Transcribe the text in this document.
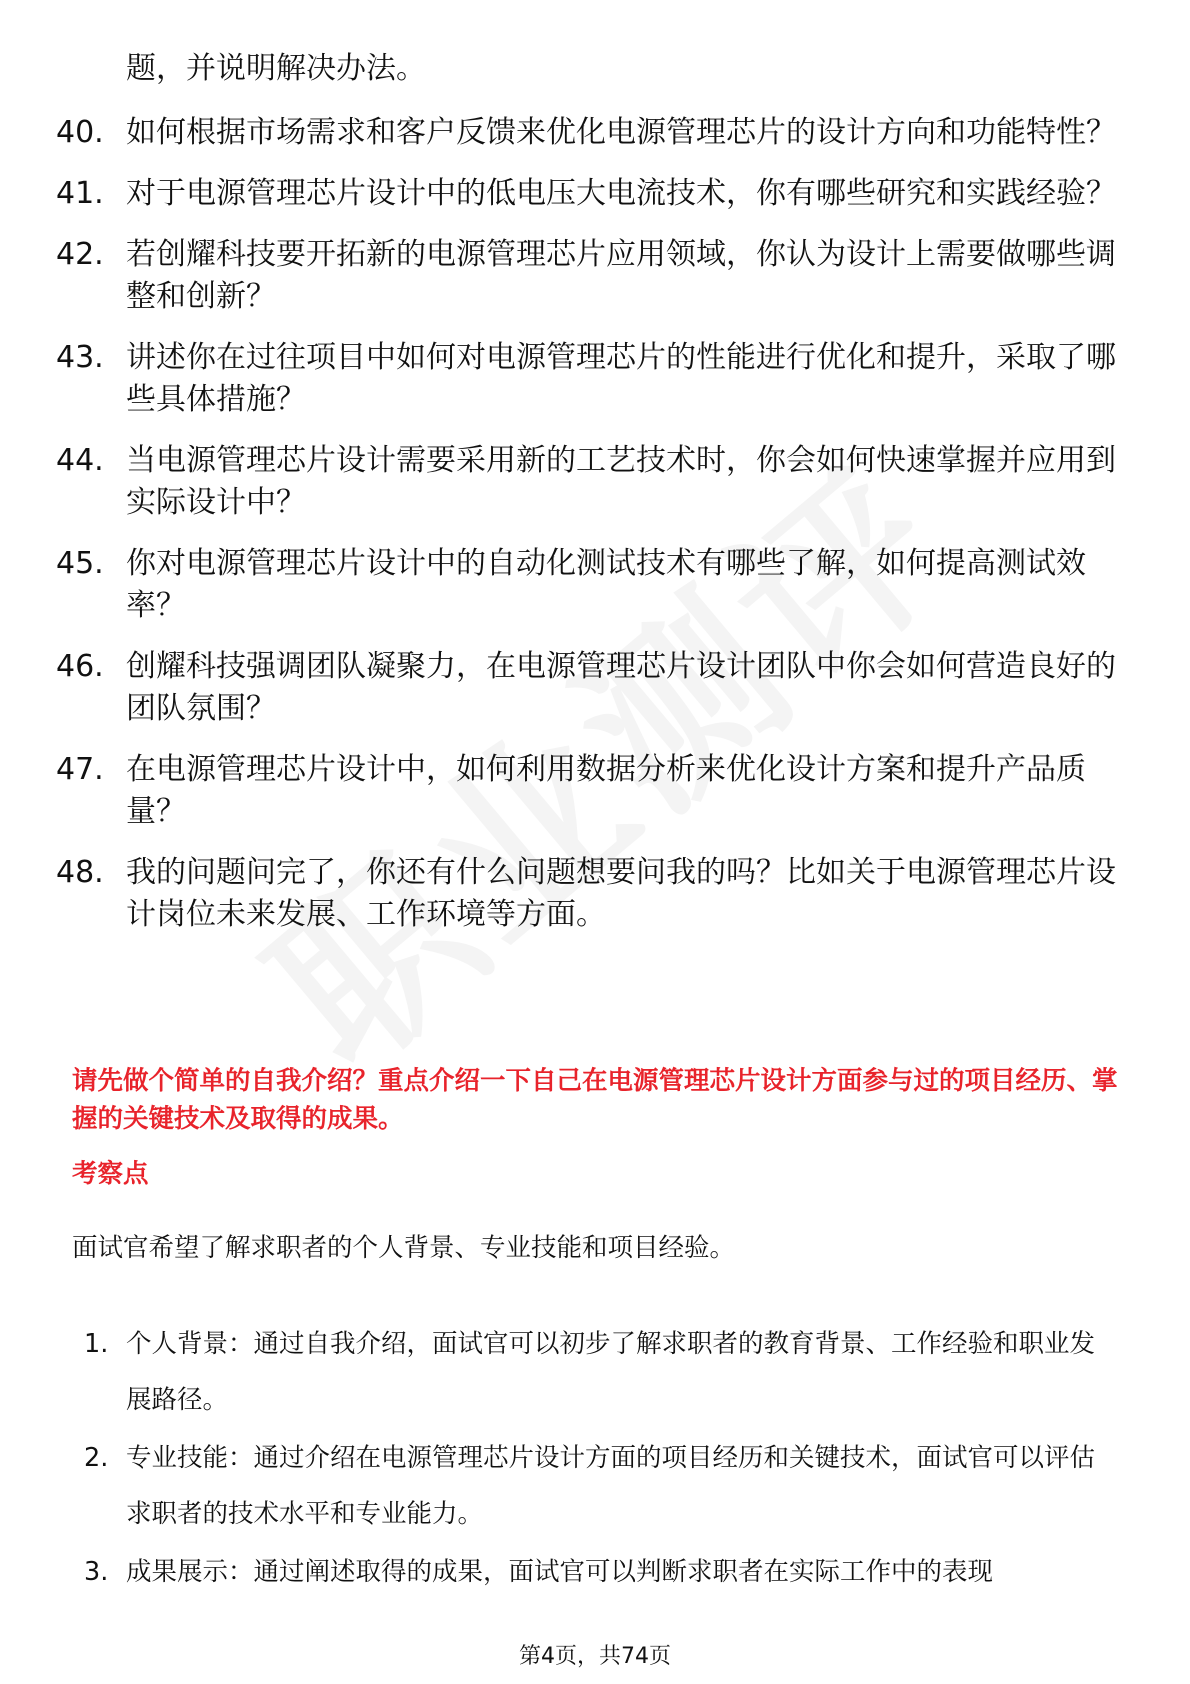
题，并说明解决办法。
40. 如何根据市场需求和客户反馈来优化电源管理芯片的设计方向和功能特性？
41. 对于电源管理芯片设计中的低电压大电流技术，你有哪些研究和实践经验？
42. 若创耀科技要开拓新的电源管理芯片应用领域，你认为设计上需要做哪些调整和创新？
43. 讲述你在过往项目中如何对电源管理芯片的性能进行优化和提升，采取了哪些具体措施？
44. 当电源管理芯片设计需要采用新的工艺技术时，你会如何快速掌握并应用到实际设计中？
45. 你对电源管理芯片设计中的自动化测试技术有哪些了解，如何提高测试效率？
46. 创耀科技强调团队凝聚力，在电源管理芯片设计团队中你会如何营造良好的团队氛围？
47. 在电源管理芯片设计中，如何利用数据分析来优化设计方案和提升产品质量？
48. 我的问题问完了，你还有什么问题想要问我的吗？比如关于电源管理芯片设计岗位未来发展、工作环境等方面。
请先做个简单的自我介绍？重点介绍一下自己在电源管理芯片设计方面参与过的项目经历、掌握的关键技术及取得的成果。
考察点
面试官希望了解求职者的个人背景、专业技能和项目经验。
1. 个人背景：通过自我介绍，面试官可以初步了解求职者的教育背景、工作经验和职业发展路径。
2. 专业技能：通过介绍在电源管理芯片设计方面的项目经历和关键技术，面试官可以评估求职者的技术水平和专业能力。
3. 成果展示：通过阐述取得的成果，面试官可以判断求职者在实际工作中的表现
第4页，共74页
